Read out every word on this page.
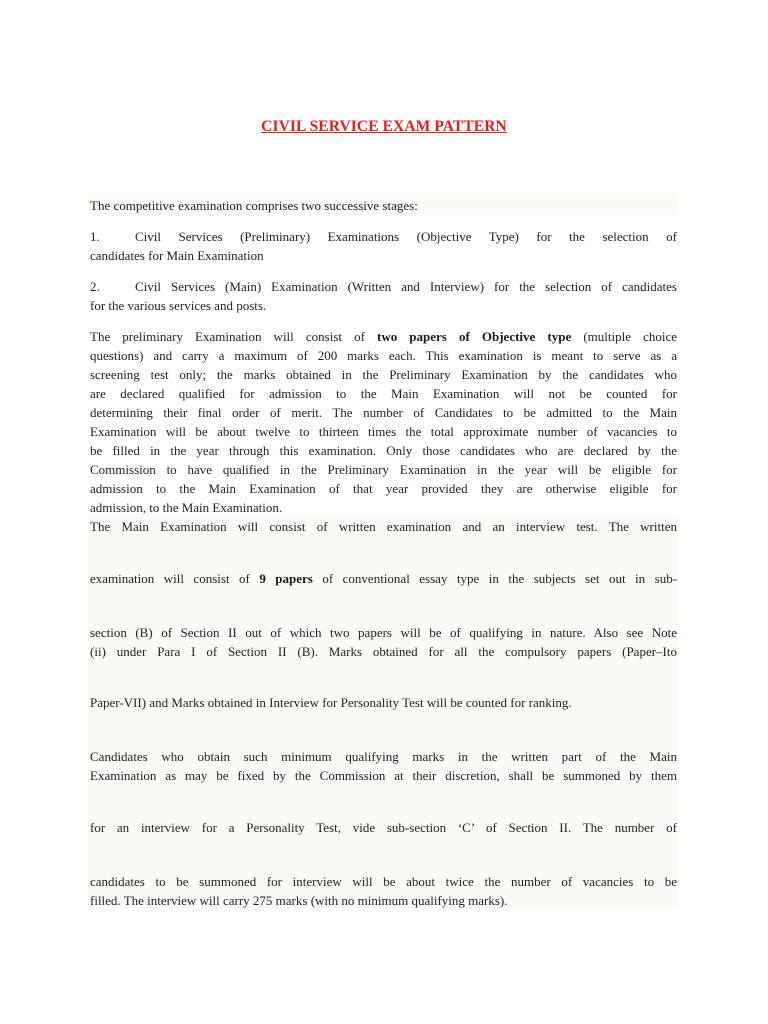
CIVIL SERVICE EXAM PATTERN
The competitive examination comprises two successive stages:
1.	Civil Services (Preliminary) Examinations (Objective Type) for the selection of
candidates for Main Examination
2.	Civil Services (Main) Examination (Written and Interview) for the selection of candidates
for the various services and posts.
The preliminary Examination will consist of two papers of Objective type (multiple choice
questions) and carry a maximum of 200 marks each. This examination is meant to serve as a
screening test only; the marks obtained in the Preliminary Examination by the candidates who
are declared qualified for admission to the Main Examination will not be counted for
determining their final order of merit. The number of Candidates to be admitted to the Main
Examination will be about twelve to thirteen times the total approximate number of vacancies to
be filled in the year through this examination. Only those candidates who are declared by the
Commission to have qualified in the Preliminary Examination in the year will be eligible for
admission to the Main Examination of that year provided they are otherwise eligible for
admission, to the Main Examination.
The Main Examination will consist of written examination and an interview test. The written
examination will consist of 9 papers of conventional essay type in the subjects set out in sub-
section (B) of Section II out of which two papers will be of qualifying in nature. Also see Note
(ii) under Para I of Section II (B). Marks obtained for all the compulsory papers (Paper–Ito
Paper-VII) and Marks obtained in Interview for Personality Test will be counted for ranking.
Candidates who obtain such minimum qualifying marks in the written part of the Main
Examination as may be fixed by the Commission at their discretion, shall be summoned by them
for an interview for a Personality Test, vide sub-section ‘C’ of Section II. The number of
candidates to be summoned for interview will be about twice the number of vacancies to be
filled. The interview will carry 275 marks (with no minimum qualifying marks).
